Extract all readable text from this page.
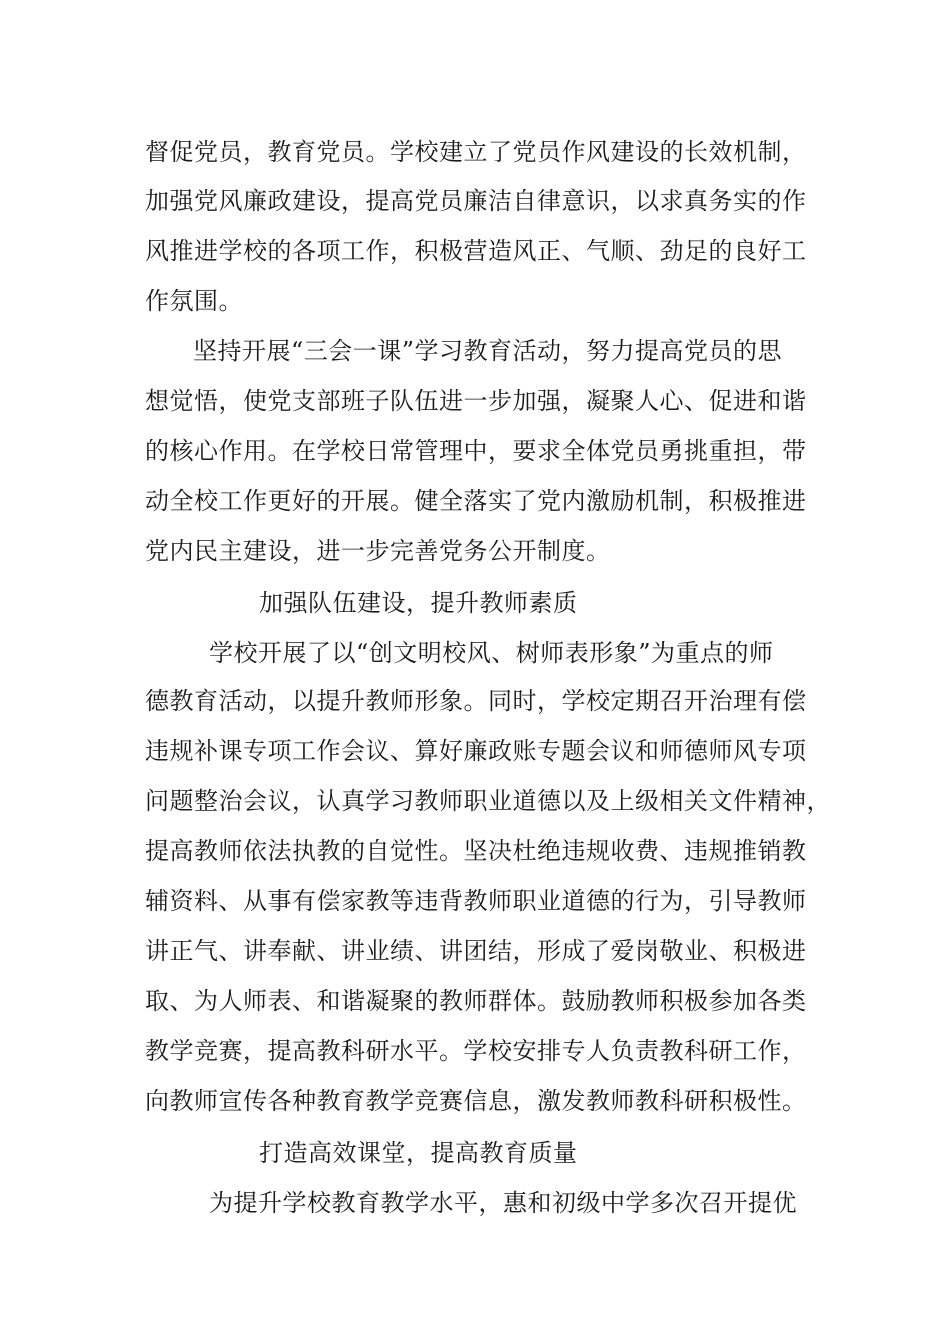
督促党员，教育党员。学校建立了党员作风建设的长效机制，
加强党风廉政建设，提高党员廉洁自律意识，以求真务实的作
风推进学校的各项工作，积极营造风正、气顺、劲足的良好工
作氛围。
坚持开展“三会一课”学习教育活动，努力提高党员的思
想觉悟，使党支部班子队伍进一步加强，凝聚人心、促进和谐
的核心作用。在学校日常管理中，要求全体党员勇挑重担，带
动全校工作更好的开展。健全落实了党内激励机制，积极推进
党内民主建设，进一步完善党务公开制度。
加强队伍建设，提升教师素质
学校开展了以“创文明校风、树师表形象”为重点的师
德教育活动，以提升教师形象。同时，学校定期召开治理有偿
违规补课专项工作会议、算好廉政账专题会议和师德师风专项
问题整治会议，认真学习教师职业道德以及上级相关文件精神，
提高教师依法执教的自觉性。坚决杜绝违规收费、违规推销教
辅资料、从事有偿家教等违背教师职业道德的行为，引导教师
讲正气、讲奉献、讲业绩、讲团结，形成了爱岗敬业、积极进
取、为人师表、和谐凝聚的教师群体。鼓励教师积极参加各类
教学竞赛，提高教科研水平。学校安排专人负责教科研工作，
向教师宣传各种教育教学竞赛信息，激发教师教科研积极性。
打造高效课堂，提高教育质量
为提升学校教育教学水平，惠和初级中学多次召开提优
